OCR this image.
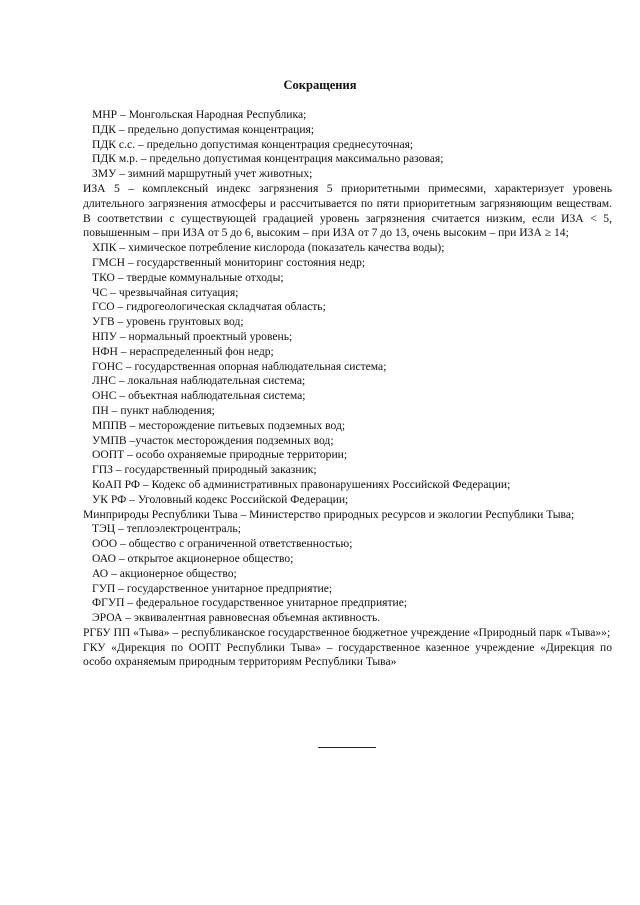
Сокращения

МНР – Монгольская Народная Республика;

ПДК – предельно допустимая концентрация;

ПДК с.с. – предельно допустимая концентрация среднесуточная;

ПДК м.р. – предельно допустимая концентрация максимально разовая;

ЗМУ – зимний маршрутный учет животных;

ИЗА 5 – комплексный индекс загрязнения 5 приоритетными примесями, характеризует уровень длительного загрязнения атмосферы и рассчитывается по пяти приоритетным загрязняющим веществам. В соответствии с существующей градацией уровень загрязнения считается низким, если ИЗА < 5, повышенным – при ИЗА от 5 до 6, высоким – при ИЗА от 7 до 13, очень высоким – при ИЗА ≥ 14;

ХПК – химическое потребление кислорода (показатель качества воды);

ГМСН – государственный мониторинг состояния недр;

ТКО – твердые коммунальные отходы;

ЧС – чрезвычайная ситуация;

ГСО – гидрогеологическая складчатая область;

УГВ – уровень грунтовых вод;

НПУ – нормальный проектный уровень;

НФН – нераспределенный фон недр;

ГОНС – государственная опорная наблюдательная система;

ЛНС – локальная наблюдательная система;

ОНС – объектная наблюдательная система;

ПН – пункт наблюдения;

МППВ – месторождение питьевых подземных вод;

УМПВ –участок месторождения подземных вод;

ООПТ – особо охраняемые природные территории;

ГПЗ – государственный природный заказник;

КоАП РФ – Кодекс об административных правонарушениях Российской Федерации;

УК РФ – Уголовный кодекс Российской Федерации;

Минприроды Республики Тыва – Министерство природных ресурсов и экологии Республики Тыва;

ТЭЦ – теплоэлектроцентраль;

ООО – общество с ограниченной ответственностью;

ОАО – открытое акционерное общество;

АО – акционерное общество;

ГУП – государственное унитарное предприятие;

ФГУП – федеральное государственное унитарное предприятие;

ЭРОА – эквивалентная равновесная объемная активность.

РГБУ ПП «Тыва» – республиканское государственное бюджетное учреждение «Природный парк «Тыва»»;

ГКУ «Дирекция по ООПТ Республики Тыва» – государственное казенное учреждение «Дирекция по особо охраняемым природным территориям Республики Тыва»
